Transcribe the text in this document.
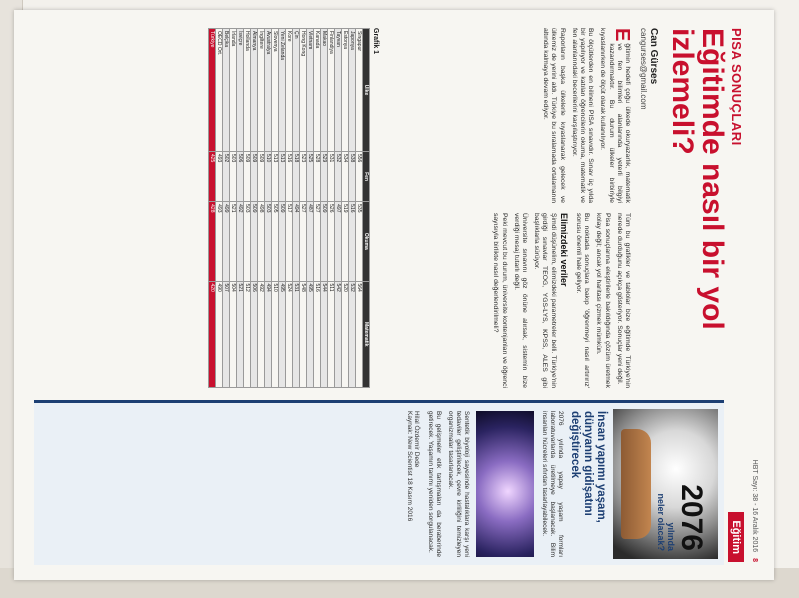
HBT Sayı: 38 - 16 Aralık 2016 8
Eğitim
PISA SONUÇLARI
Eğitimde nasıl bir yol izlemeli?
Can Gürses
cangurses@gmail.com

Eğitimin hedefi çoğu ülkede okuryazarlık, matematik ve fen bilimleri alanlarında yeterli bilgiyi kazandırmaktır. Bu durum ülkeler birbiriyle kıyaslanırken de ölçüt olarak kullanılıyor.

Bu ölçütlerden en bilineni PISA sınavıdır. Sınav üç yılda bir yapılıyor ve katılan öğrencilerin okuma, matematik ve fen alanlarındaki becerilerini karşılaştırıyor.

Raporların başka ülkelerle kıyaslanarak gelecek ve ülkemiz de yerini aldı. Türkiye bu sıralamada ortalamanın altında kalmaya devam ediyor.

Tüm bu grafikler ve tablolar bize eğitimde Türkiye'nin nerede durduğunu açıkça gösteriyor. Sonuçlar yeni değil.

Pisa sonuçlarına eleştirilerle bakıldığında çözüm üretmek kolay değil; ancak yol haritası çizmek mümkün.

Bu noktada sonuçlara bakıp 'öğrenmeyi nasıl artırırız' sorusu önemli hale geliyor.

Elimizdeki veriler

Şimdi düşünelim, elimizdeki parametreler belli. Türkiye'nin girdiği sınavlar TEOG, YGS-LYS, KPSS, ALES gibi başlıklarla sürüyor.

Üniversite sınavını göz önüne alırsak, sistemin bize verdiği mesaj tutarlı değil.

Peki mevcut bu durum, üniversite kontenjanları ve öğrenci sayısıyla birlikte nasıl değerlendirilmeli?

Grafik 1
Ülke	Fen	Okuma	Matematik
Singapur	556	535	564
Japonya	538	516	532
Estonya	534	519	520
Tayvan	532	497	542
Finlandiya	531	526	511
Makao	529	509	544
Kanada	528	527	516
Vietnam	525	487	495
Hong Kong	523	527	548
Çin	518	494	531
Kore	516	517	524
Yeni Zelanda	513	509	495
Slovenya	513	505	510
Avustralya	510	503	494
İngiltere	509	498	492
Almanya	509	509	506
Hollanda	509	503	512
İsviçre	506	492	521
İrlanda	503	521	504
Belçika	502	499	507
OECD Ort.	493	493	490
Türkiye	425	428	420
2076
yılında
neler olacak?
İnsan yapımı yaşam, dünyanın gidişatını değiştirecek
2076 yılında yapay yaşam formları laboratuvarlarda üretilmeye başlanacak. Bilim insanları hücreleri sıfırdan tasarlayabilecek.
Sentetik biyoloji sayesinde hastalıklara karşı yeni tedaviler geliştirilecek, çevre kirliliğini temizleyen organizmalar tasarlanacak.
Bu gelişmeler etik tartışmaları da beraberinde getirecek. Yaşamın tanımı yeniden sorgulanacak.
Hilal Özdemir Dede
Kaynak: New Scientist 18 Kasım 2016
